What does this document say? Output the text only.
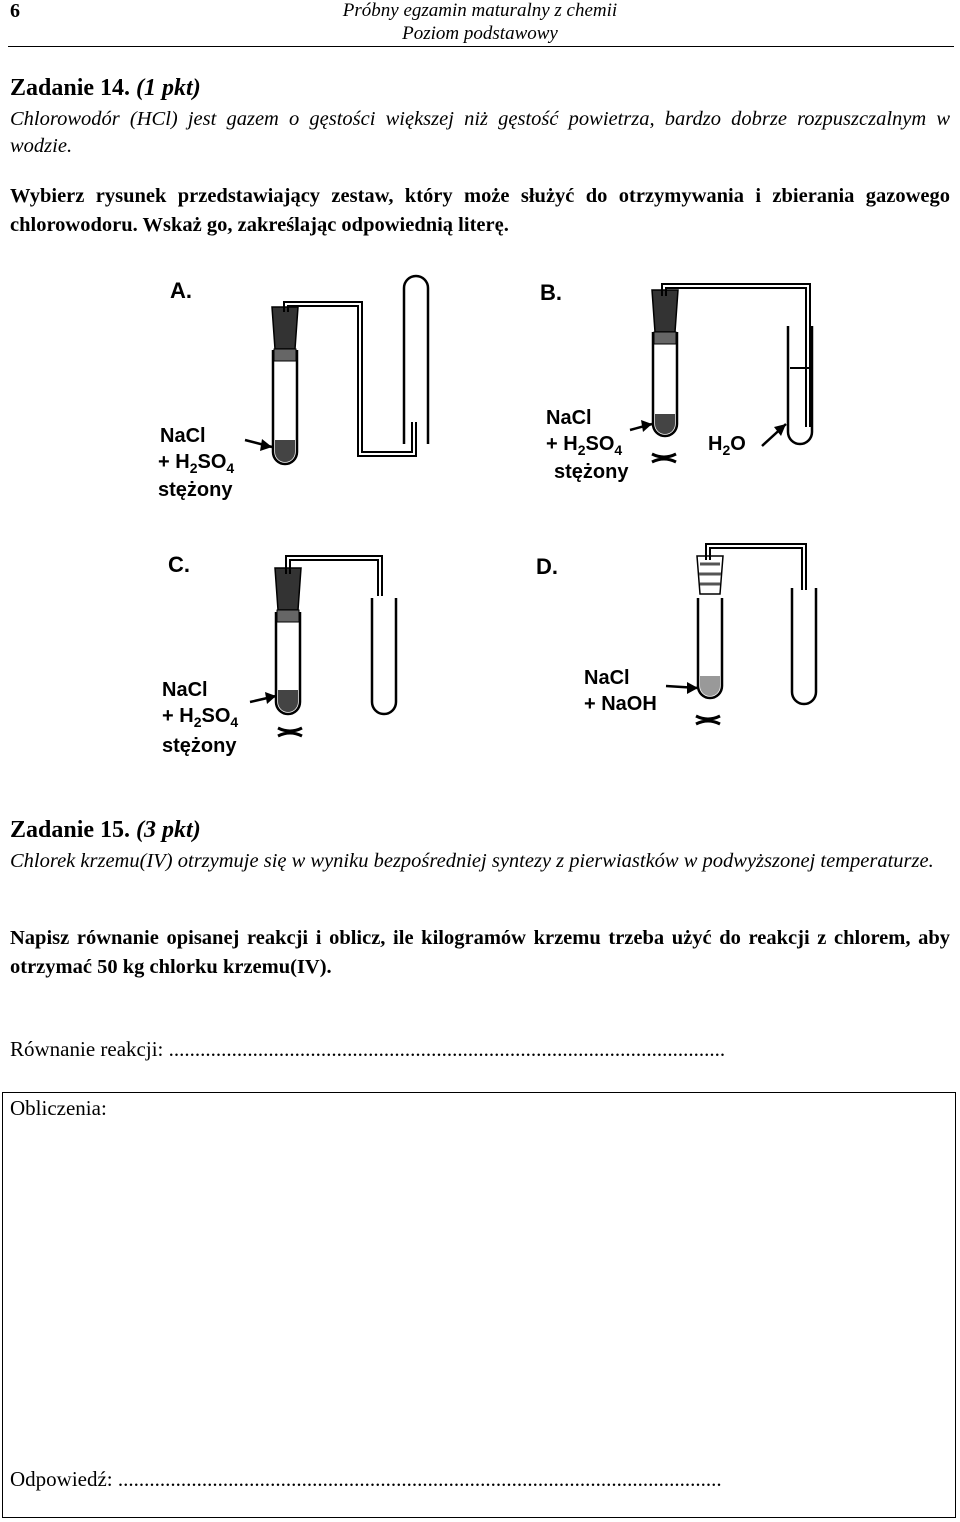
6	Próbny egzamin maturalny z chemii
Poziom podstawowy
Zadanie 14. (1 pkt)
Chlorowodór (HCl) jest gazem o gęstości większej niż gęstość powietrza, bardzo dobrze rozpuszczalnym w wodzie.
Wybierz rysunek przedstawiający zestaw, który może służyć do otrzymywania i zbierania gazowego chlorowodoru. Wskaż go, zakreślając odpowiednią literę.
A.
NaCl
+ $H_2SO_4$
stężony
B.
NaCl
+ $H_2SO_4$
stężony
$H_2O$
C.
NaCl
+ $H_2SO_4$
stężony
D.
NaCl
+ NaOH
Zadanie 15. (3 pkt)
Chlorek krzemu(IV) otrzymuje się w wyniku bezpośredniej syntezy z pierwiastków w podwyższonej temperaturze.
Napisz równanie opisanej reakcji i oblicz, ile kilogramów krzemu trzeba użyć do reakcji z chlorem, aby otrzymać 50 kg chlorku krzemu(IV).
Równanie reakcji: ..........................................................................................................
Obliczenia:
Odpowiedź: ...................................................................................................................
